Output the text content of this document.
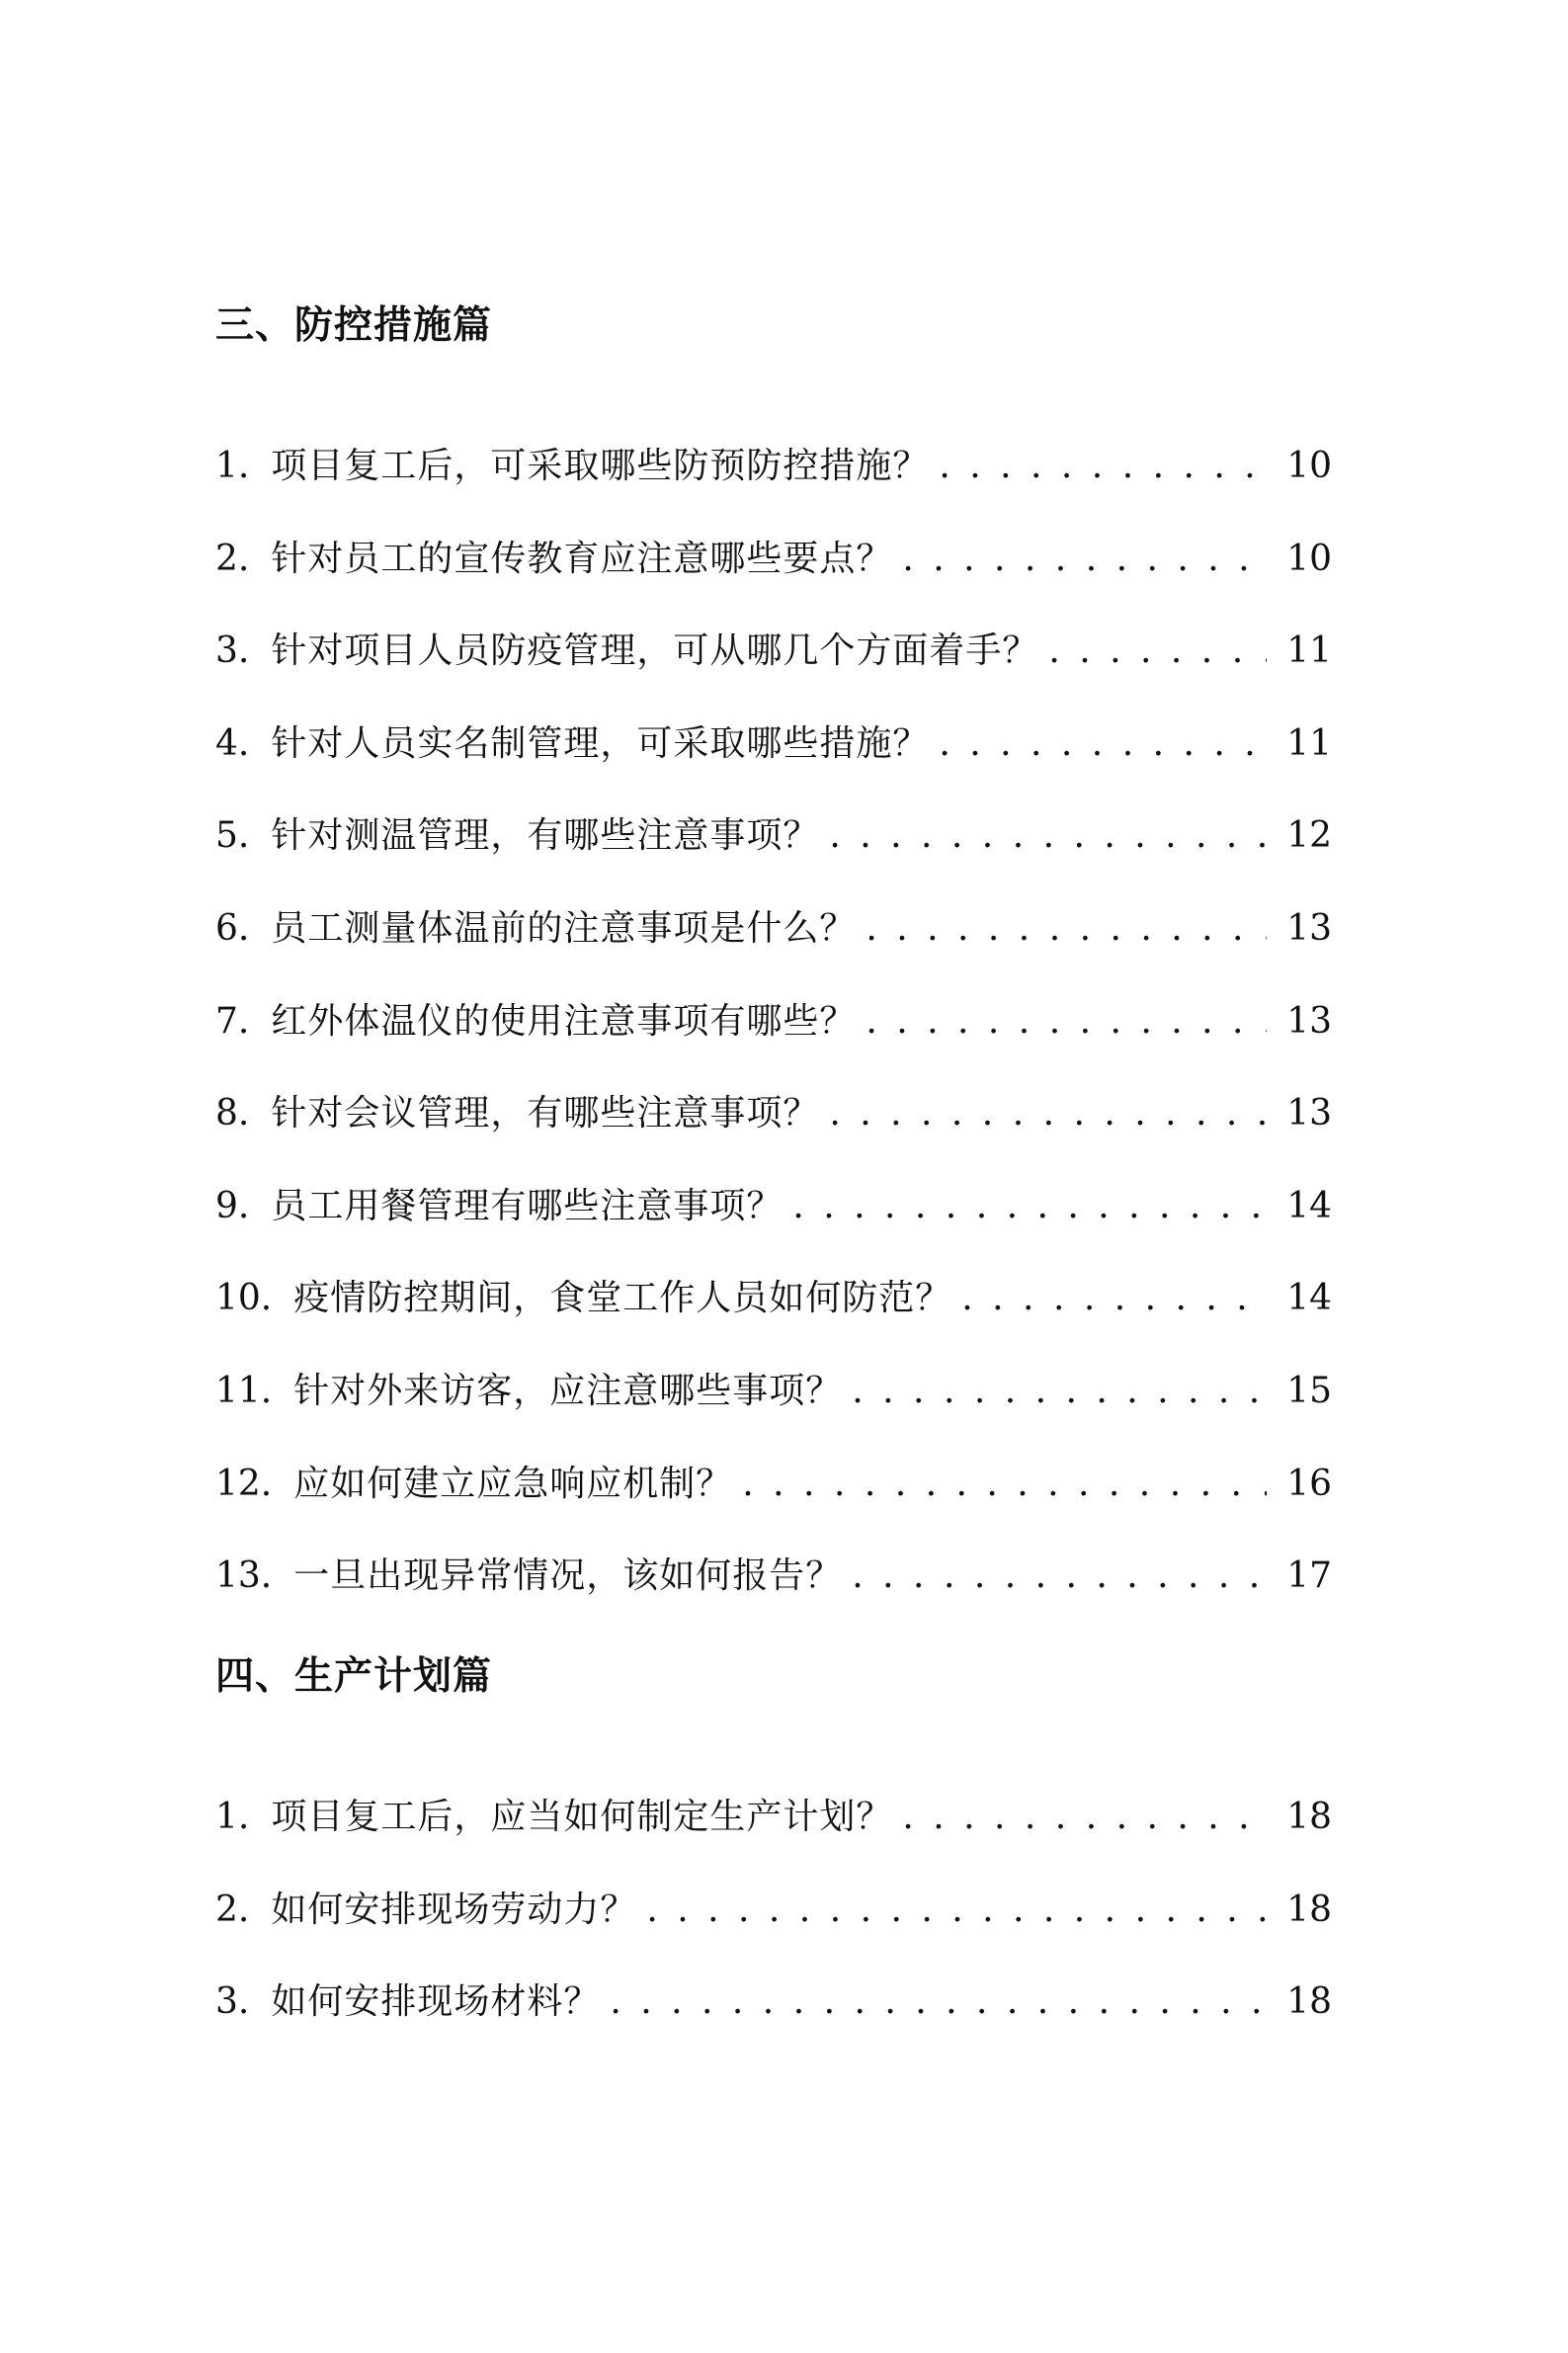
三、防控措施篇
1. 项目复工后，可采取哪些防预防控措施？ . . .	10
2. 针对员工的宣传教育应注意哪些要点？ . . .	10
3. 针对项目人员防疫管理，可从哪几个方面着手？ . . .	11
4. 针对人员实名制管理，可采取哪些措施？ . . .	11
5. 针对测温管理，有哪些注意事项？ . . .	12
6. 员工测量体温前的注意事项是什么？ . . .	13
7. 红外体温仪的使用注意事项有哪些？ . . .	13
8. 针对会议管理，有哪些注意事项？ . . .	13
9. 员工用餐管理有哪些注意事项？ . . .	14
10. 疫情防控期间，食堂工作人员如何防范？ . . .	14
11. 针对外来访客，应注意哪些事项？ . . .	15
12. 应如何建立应急响应机制？ . . .	16
13. 一旦出现异常情况，该如何报告？ . . .	17
四、生产计划篇
1. 项目复工后，应当如何制定生产计划？ . . .	18
2. 如何安排现场劳动力？ . . .	18
3. 如何安排现场材料？ . . .	18
